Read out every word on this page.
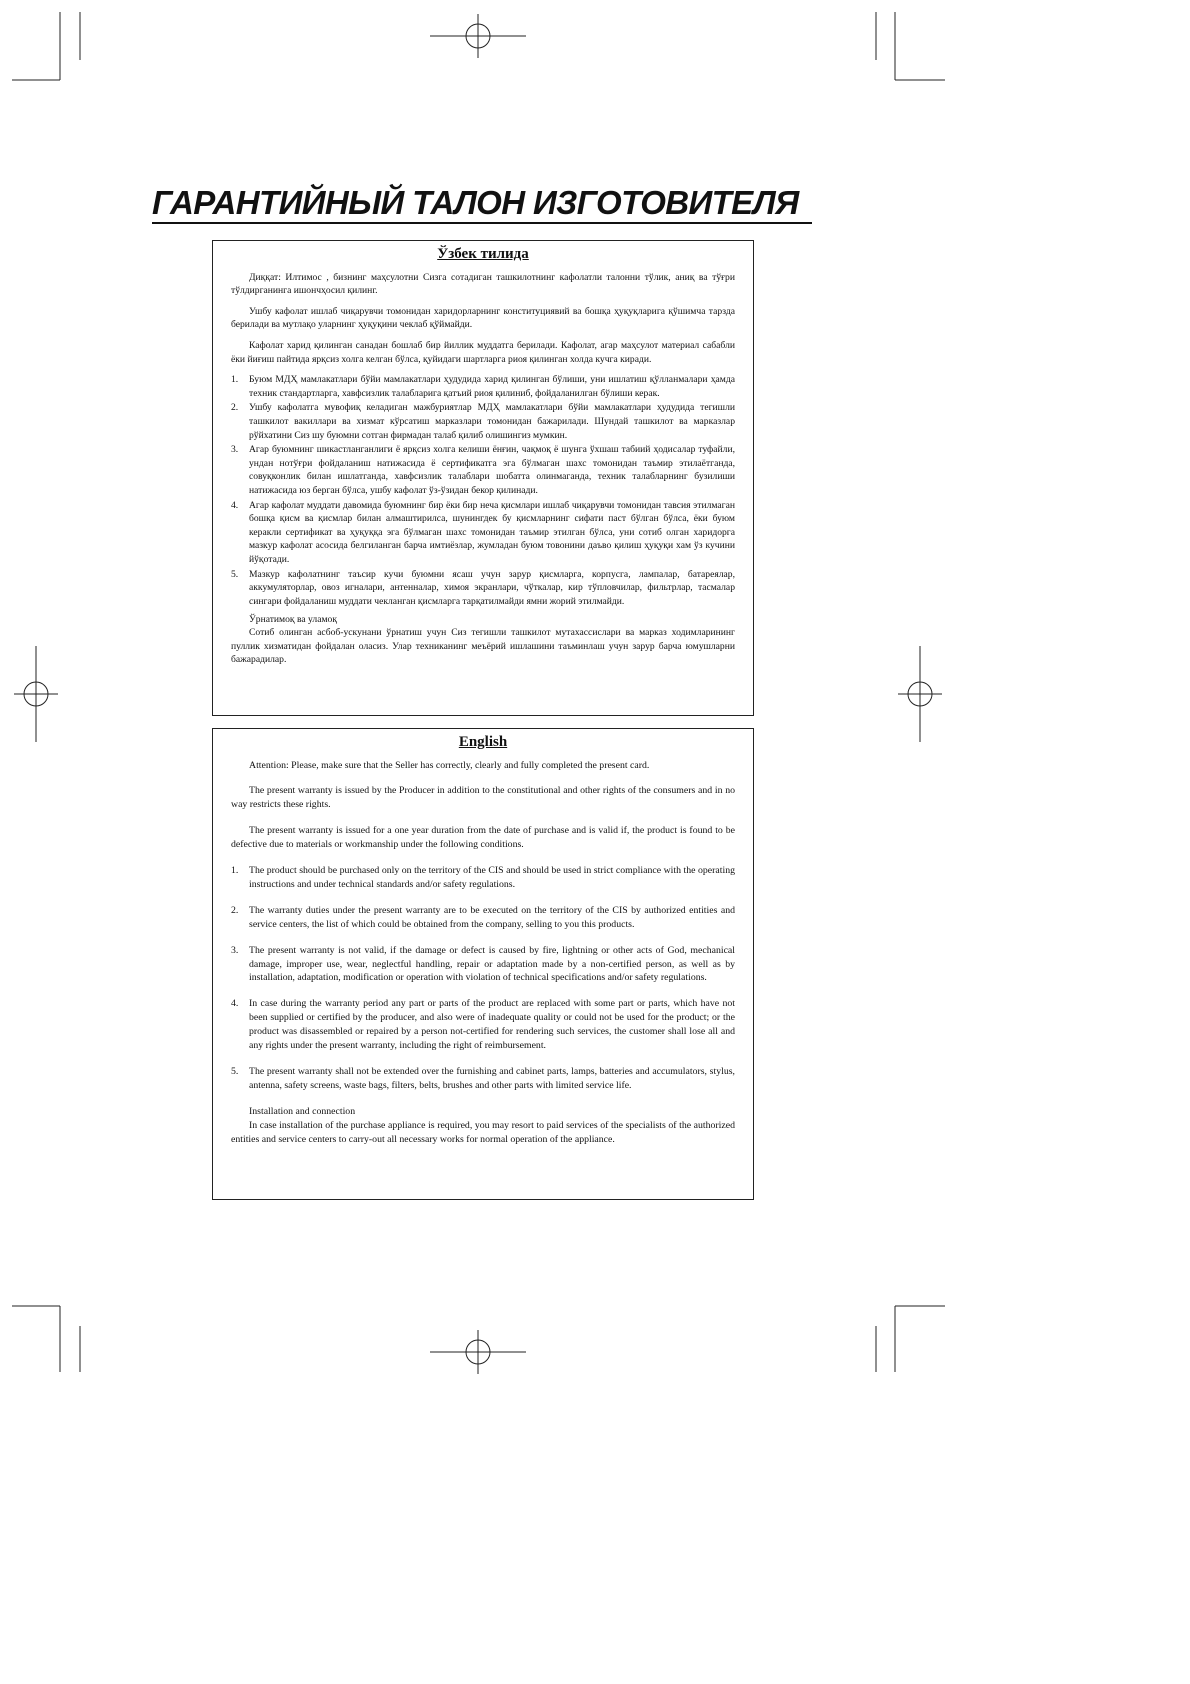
ГАРАНТИЙНЫЙ ТАЛОН ИЗГОТОВИТЕЛЯ
Ўзбек тилида

Диққат: Илтимос , бизнинг маҳсулотни Сизга сотадиган ташкилотнинг кафолатли талонни тўлик, аниқ ва тўғри тўлдирганинга ишончҳосил қилинг.

Ушбу кафолат ишлаб чиқарувчи томонидан харидорларнинг конституциявий ва бошқа ҳуқуқларига қўшимча тарзда берилади ва мутлақо уларнинг ҳуқуқини чеклаб қўймайди.

Кафолат харид қилинган санадан бошлаб бир йиллик муддатга берилади. Кафолат, агар маҳсулот материал сабабли ёки йиғиш пайтида ярқсиз холга келган бўлса, қуйидаги шартларга риоя қилинган холда кучга киради.

1. Буюм МДҲ мамлакатлари бўйи мамлакатлари ҳудудида харид қилинган бўлиши, уни ишлатиш қўлланмалари ҳамда техник стандартларга, хавфсизлик талабларига қатъий риоя қилиниб, фойдаланилган бўлиши керак.
2. Ушбу кафолатга мувофиқ келадиган мажбуриятлар МДҲ мамлакатлари бўйи мамлакатлари ҳудудида тегишли ташкилот вакиллари ва хизмат кўрсатиш марказлари томонидан бажарилади. Шундай ташкилот ва марказлар рўйхатини Сиз шу буюмни сотган фирмадан талаб қилиб олишингиз мумкин.
3. Агар буюмнинг шикастланганлиги ё ярқсиз холга келиши ёнғин, чақмоқ ё шунга ўхшаш табиий ҳодисалар туфайли, ундан нотўғри фойдаланиш натижасида ё сертификатга эга бўлмаган шахс томонидан таъмир этилаётганда, совуқконлик билан ишлатганда, хавфсизлик талаблари шобатта олинмаганда, техник талабларнинг бузилиши натижасида юз берган бўлса, ушбу кафолат ўз-ўзидан бекор қилинади.
4. Агар кафолат муддати давомида буюмнинг бир ёки бир неча қисмлари ишлаб чиқарувчи томонидан тавсия этилмаган бошқа қисм ва қисмлар билан алмаштирилса, шунингдек бу қисмларнинг сифати паст бўлган бўлса, ёки буюм керакли сертификат ва ҳуқуққа эга бўлмаган шахс томонидан таъмир этилган бўлса, уни сотиб олган харидорга мазкур кафолат асосида белгиланган барча имтиёзлар, жумладан буюм товонини даъво қилиш ҳуқуқи хам ўз кучини йўқотади.
5. Мазкур кафолатнинг таъсир кучи буюмни ясаш учун зарур қисмларга, корпусга, лампалар, батареялар, аккумуляторлар, овоз игналари, антенналар, химоя экранлари, чўткалар, кир тўпловчилар, фильтрлар, тасмалар сингари фойдаланиш муддати чекланган қисмларга тарқатилмайди ямни жорий этилмайди.

Ўрнатимоқ ва уламоқ

Сотиб олинган асбоб-ускунани ўрнатиш учун Сиз тегишли ташкилот мутахассислари ва марказ ходимларининг пуллик хизматидан фойдалан оласиз. Улар техниканинг меъёрий ишлашини таъминлаш учун зарур барча юмушларни бажарадилар.

English

Attention: Please, make sure that the Seller has correctly, clearly and fully completed the present card.

The present warranty is issued by the Producer in addition to the constitutional and other rights of the consumers and in no way restricts these rights.

The present warranty is issued for a one year duration from the date of purchase and is valid if, the product is found to be defective due to materials or workmanship under the following conditions.

1. The product should be purchased only on the territory of the CIS and should be used in strict compliance with the operating instructions and under technical standards and/or safety regulations.
2. The warranty duties under the present warranty are to be executed on the territory of the CIS by authorized entities and service centers, the list of which could be obtained from the company, selling to you this products.
3. The present warranty is not valid, if the damage or defect is caused by fire, lightning or other acts of God, mechanical damage, improper use, wear, neglectful handling, repair or adaptation made by a non-certified person, as well as by installation, adaptation, modification or operation with violation of technical specifications and/or safety regulations.
4. In case during the warranty period any part or parts of the product are replaced with some part or parts, which have not been supplied or certified by the producer, and also were of inadequate quality or could not be used for the product; or the product was disassembled or repaired by a person not-certified for rendering such services, the customer shall lose all and any rights under the present warranty, including the right of reimbursement.
5. The present warranty shall not be extended over the furnishing and cabinet parts, lamps, batteries and accumulators, stylus, antenna, safety screens, waste bags, filters, belts, brushes and other parts with limited service life.

Installation and connection

In case installation of the purchase appliance is required, you may resort to paid services of the specialists of the authorized entities and service centers to carry-out all necessary works for normal operation of the appliance.
